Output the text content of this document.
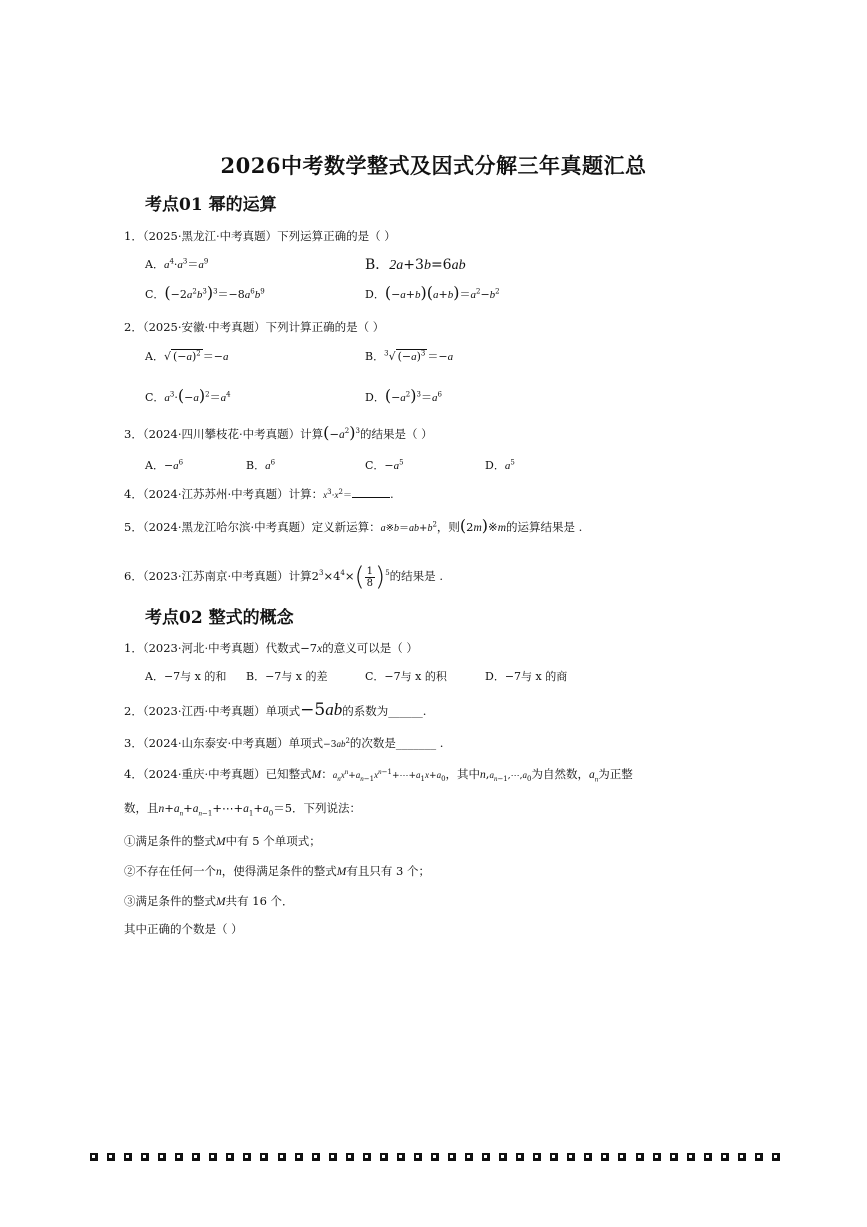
2026中考数学整式及因式分解三年真题汇总
考点01 幂的运算
1．（2025·黑龙江·中考真题）下列运算正确的是（ ）
A．$a^4\cdot a^3=a^9$	B．2a+3b=6ab
C．$(-2a^2b^3)^3=-8a^6b^9$	D．$(-a+b)(a+b)=a^2-b^2$
2．（2025·安徽·中考真题）下列计算正确的是（ ）
A．√ $(-a)^2 =-a$	B．$^3$√ $(-a)^3 =-a$
C．$a^3\cdot(-a)^2=a^4$	D．$(-a^2)^3=a^6$
3．（2024·四川攀枝花·中考真题）计算$(-a^2)^3$的结果是（ ）
A．$-a^6$	B．$a^6$	C．$-a^5$	D．$a^5$
4．（2024·江苏苏州·中考真题）计算：$x^3\cdot x^2=$	.
5．（2024·黑龙江哈尔滨·中考真题）定义新运算：$a※b=ab+b^2$，则(2m)※m的运算结果是 .
6．（2023·江苏南京·中考真题）计算$2^3\times 4^4\times( \frac{1}{8} )^5$的结果是 .
考点02 整式的概念
1．（2023·河北·中考真题）代数式−7x的意义可以是（ ）
A．−7与 x 的和 B．−7与 x 的差	C．−7与 x 的积	D．−7与 x 的商
2．（2023·江西·中考真题）单项式−5ab的系数为______.
3．（2024·山东泰安·中考真题）单项式$-3ab^2$的次数是_______ .
4．（2024·重庆·中考真题）已知整式M：$a_nx^n+a_{n-1}x^{n-1}+\cdots+a_1x+a_0$，其中$n,a_{n-1},\cdots,a_0$为自然数，$a_n$为正整
数，且$n+a_n+a_{n-1}+\cdots+a_1+a_0=5$．下列说法：
①满足条件的整式M中有 5 个单项式；
②不存在任何一个n，使得满足条件的整式M有且只有 3 个；
③满足条件的整式M共有 16 个．
其中正确的个数是（ ）
